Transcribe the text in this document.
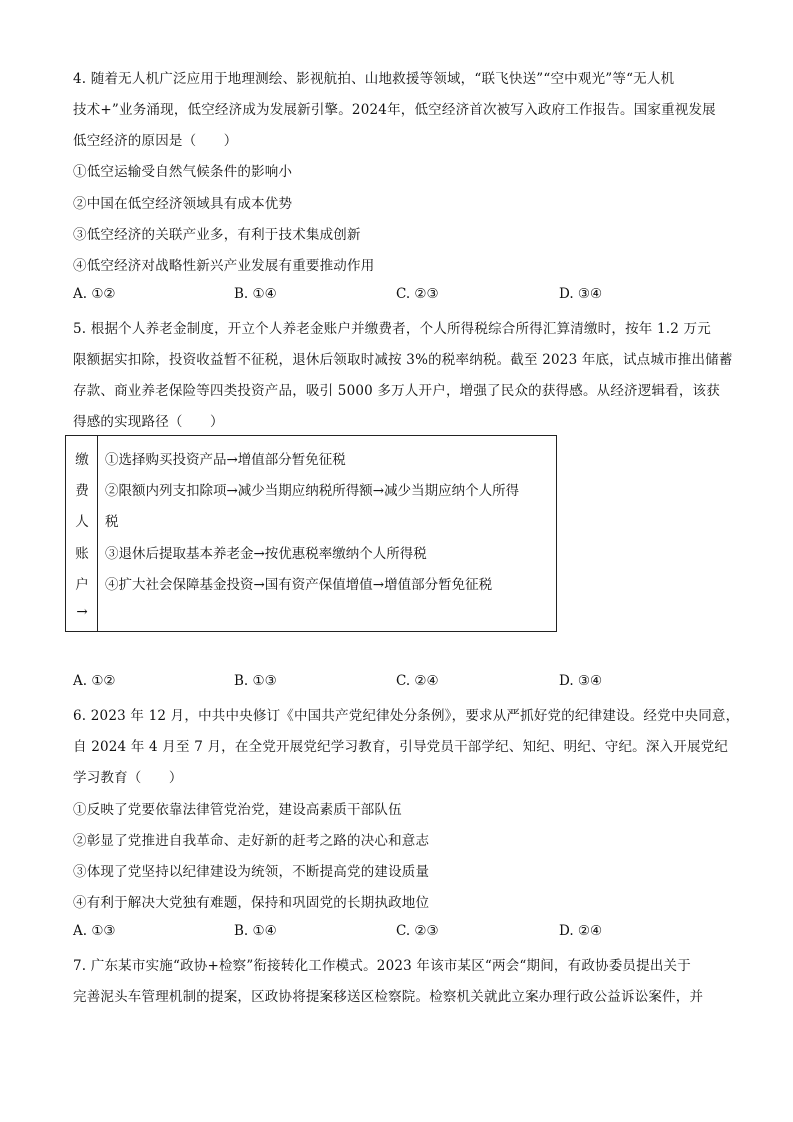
4. 随着无人机广泛应用于地理测绘、影视航拍、山地救援等领域，“联飞快送”“空中观光”等“无人机
技术+”业务涌现，低空经济成为发展新引擎。2024年，低空经济首次被写入政府工作报告。国家重视发展
低空经济的原因是（　　）
①低空运输受自然气候条件的影响小
②中国在低空经济领域具有成本优势
③低空经济的关联产业多，有利于技术集成创新
④低空经济对战略性新兴产业发展有重要推动作用
A. ①②	B. ①④	C. ②③	D. ③④
5. 根据个人养老金制度，开立个人养老金账户并缴费者，个人所得税综合所得汇算清缴时，按年 1.2 万元
限额据实扣除，投资收益暂不征税，退休后领取时减按 3%的税率纳税。截至 2023 年底，试点城市推出储蓄
存款、商业养老保险等四类投资产品，吸引 5000 多万人开户，增强了民众的获得感。从经济逻辑看，该获
得感的实现路径（　　）
缴
费
人
账
户
→
①选择购买投资产品→增值部分暂免征税
②限额内列支扣除项→减少当期应纳税所得额→减少当期应纳个人所得
税
③退休后提取基本养老金→按优惠税率缴纳个人所得税
④扩大社会保障基金投资→国有资产保值增值→增值部分暂免征税
A. ①②	B. ①③	C. ②④	D. ③④
6. 2023 年 12 月，中共中央修订《中国共产党纪律处分条例》，要求从严抓好党的纪律建设。经党中央同意，
自 2024 年 4 月至 7 月，在全党开展党纪学习教育，引导党员干部学纪、知纪、明纪、守纪。深入开展党纪
学习教育（　　）
①反映了党要依靠法律管党治党，建设高素质干部队伍
②彰显了党推进自我革命、走好新的赶考之路的决心和意志
③体现了党坚持以纪律建设为统领，不断提高党的建设质量
④有利于解决大党独有难题，保持和巩固党的长期执政地位
A. ①③	B. ①④	C. ②③	D. ②④
7. 广东某市实施“政协+检察”衔接转化工作模式。2023 年该市某区“两会“期间，有政协委员提出关于
完善泥头车管理机制的提案，区政协将提案移送区检察院。检察机关就此立案办理行政公益诉讼案件，并
